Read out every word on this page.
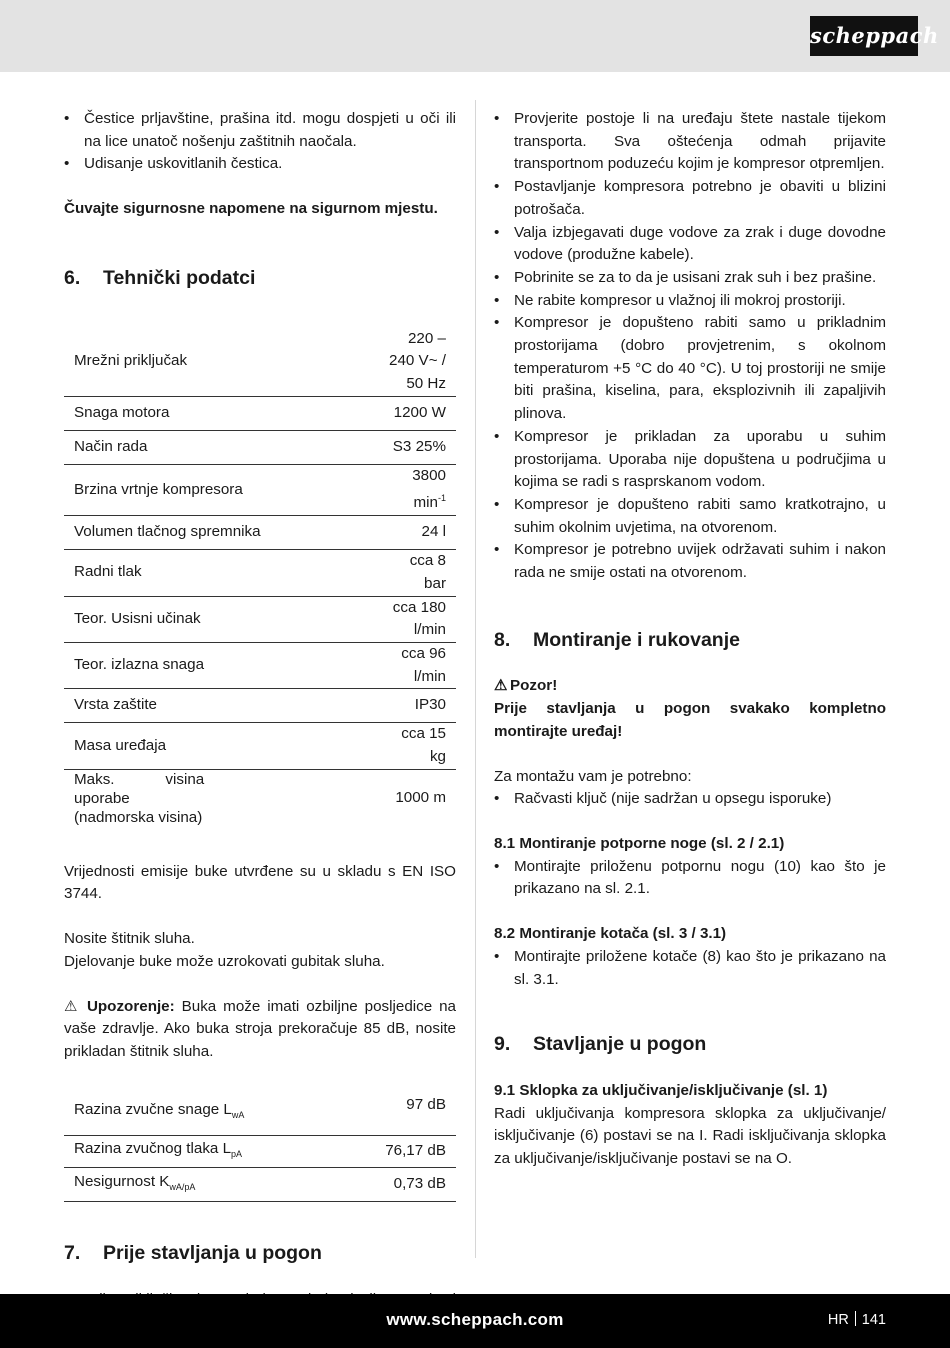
scheppach
• Čestice prljavštine, prašina itd. mogu dospjeti u oči ili na lice unatoč nošenju zaštitnih naočala.
• Udisanje uskovitlanih čestica.

Čuvajte sigurnosne napomene na sigurnom mjestu.

6.	Tehnički podatci
Mrežni priključak	220 – 240 V~ / 50 Hz
Snaga motora	1200 W
Način rada	S3 25%
Brzina vrtnje kompresora	3800 $\min^{-1}$
Volumen tlačnog spremnika	24 l
Radni tlak	cca 8 bar
Teor. Usisni učinak	cca 180 l/min
Teor. izlazna snaga	cca 96 l/min
Vrsta zaštite	IP30
Masa uređaja	cca 15 kg
Maks. visina uporabe (nadmorska visina)	1000 m

Vrijednosti emisije buke utvrđene su u skladu s EN ISO 3744.

Nosite štitnik sluha.

Djelovanje buke može uzrokovati gubitak sluha.

⚠ Upozorenje: Buka može imati ozbiljne posljedice na vaše zdravlje. Ako buka stroja prekoračuje 85 dB, nosite prikladan štitnik sluha.

Razina zvučne snage $L_{wA}$	97 dB
Razina zvučnog tlaka $L_{pA}$	76,17 dB
Nesigurnost $K_{wA/pA}$	0,73 dB
7.	Prije stavljanja u pogon
•
• Provjerite postoje li na uređaju štete nastale tijekom transporta. Sva oštećenja odmah prijavite transportnom poduzeću kojim je kompresor otpremljen.
• Postavljanje kompresora potrebno je obaviti u blizini potrošača.
• Valja izbjegavati duge vodove za zrak i duge dovodne vodove (produžne kabele).
• Pobrinite se za to da je usisani zrak suh i bez prašine.
• Ne rabite kompresor u vlažnoj ili mokroj prostoriji.
• Kompresor je dopušteno rabiti samo u prikladnim prostorijama (dobro provjetrenim, s okolnom temperaturom +5 °C do 40 °C). U toj prostoriji ne smije biti prašina, kiselina, para, eksplozivnih ili zapaljivih plinova.
• Kompresor je prikladan za uporabu u suhim prostorijama. Uporaba nije dopuštena u područjima u kojima se radi s rasprskanom vodom.
• Kompresor je dopušteno rabiti samo kratkotrajno, u suhim okolnim uvjetima, na otvorenom.
• Kompresor je potrebno uvijek održavati suhim i nakon rada ne smije ostati na otvorenom.
8.	Montiranje i rukovanje

⚠ Pozor!

Prije stavljanja u pogon svakako kompletno montirajte uređaj!

Za montažu vam je potrebno:

• Račvasti ključ (nije sadržan u opsegu isporuke)
8.1 Montiranje potporne noge (sl. 2 / 2.1)
• Montirajte priloženu potpornu nogu (10) kao što je prikazano na sl. 2.1.
8.2 Montiranje kotača (sl. 3 / 3.1)
• Montirajte priložene kotače (8) kao što je prikazano na sl. 3.1.
9.	Stavljanje u pogon
9.1 Sklopka za uključivanje/isključivanje (sl. 1)

Radi uključivanja kompresora sklopka za uključivanje/ isključivanje (6) postavi se na I. Radi isključivanja sklopka za uključivanje/isključivanje postavi se na O.

www.scheppach.com	HR 141
